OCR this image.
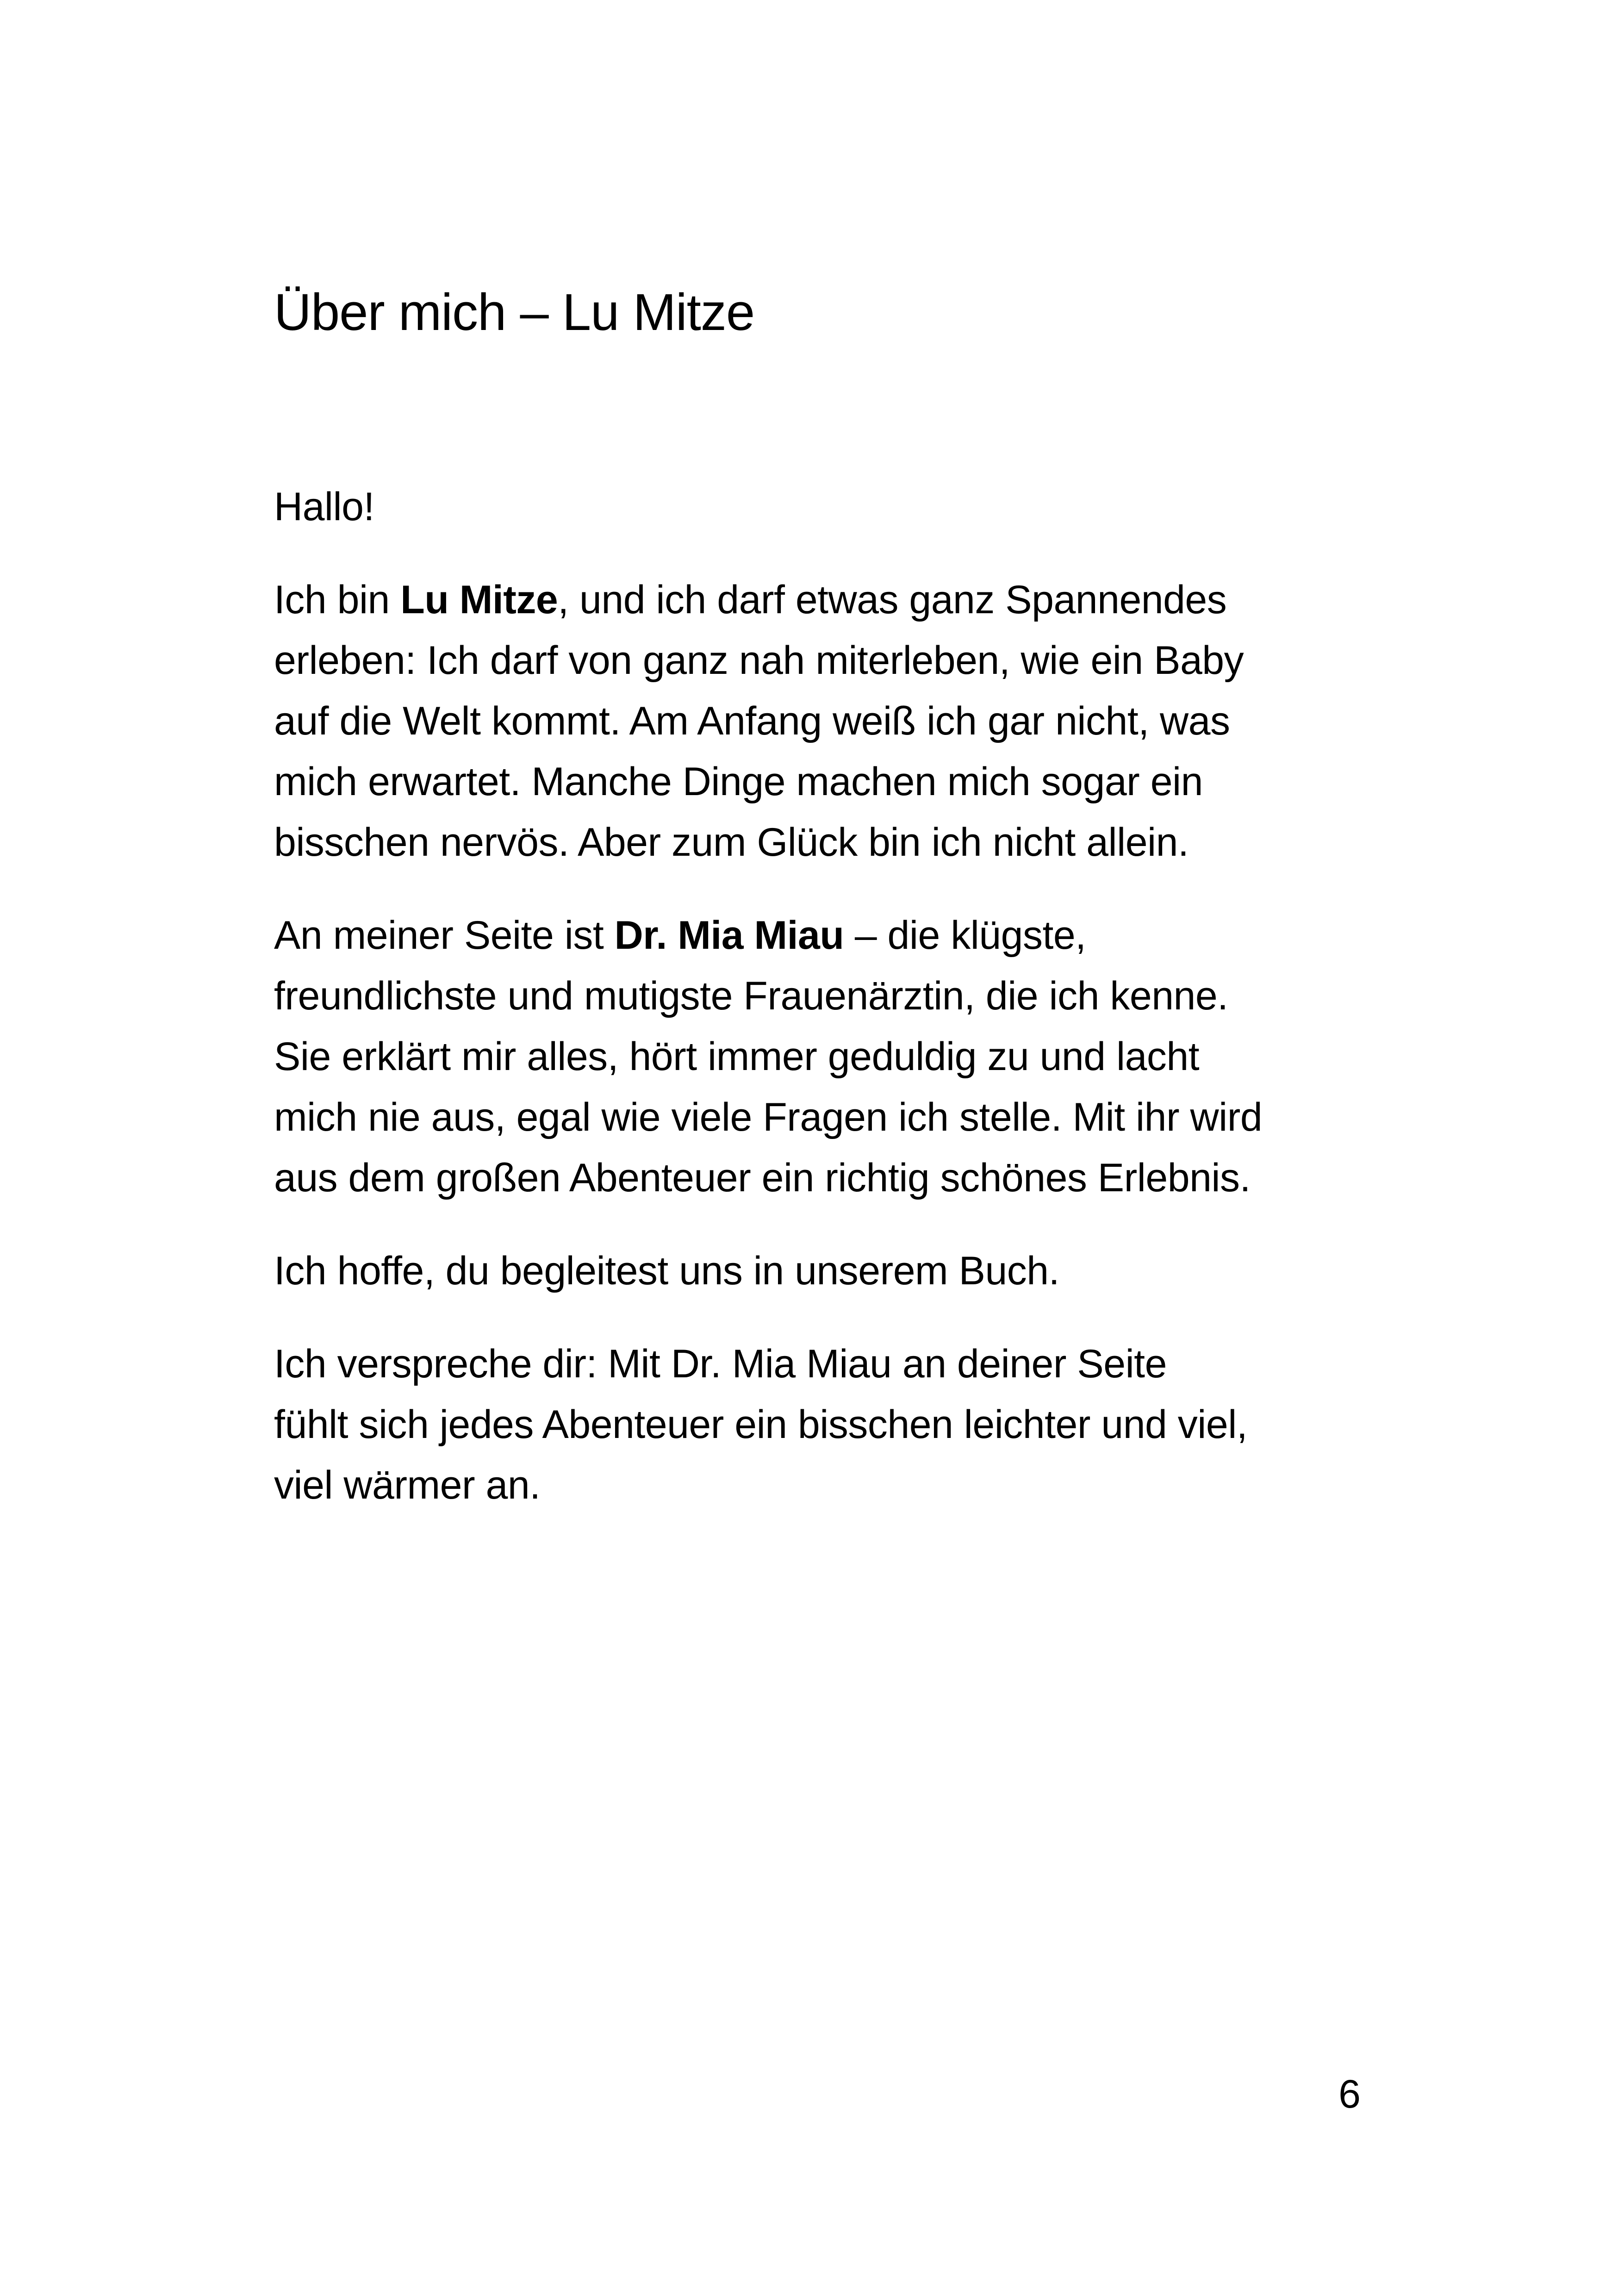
Über mich – Lu Mitze

Hallo!

Ich bin Lu Mitze, und ich darf etwas ganz Spannendes
erleben: Ich darf von ganz nah miterleben, wie ein Baby
auf die Welt kommt. Am Anfang weiß ich gar nicht, was
mich erwartet. Manche Dinge machen mich sogar ein
bisschen nervös. Aber zum Glück bin ich nicht allein.

An meiner Seite ist Dr. Mia Miau – die klügste,
freundlichste und mutigste Frauenärztin, die ich kenne.
Sie erklärt mir alles, hört immer geduldig zu und lacht
mich nie aus, egal wie viele Fragen ich stelle. Mit ihr wird
aus dem großen Abenteuer ein richtig schönes Erlebnis.

Ich hoffe, du begleitest uns in unserem Buch.

Ich verspreche dir: Mit Dr. Mia Miau an deiner Seite
fühlt sich jedes Abenteuer ein bisschen leichter und viel,
viel wärmer an.

6
